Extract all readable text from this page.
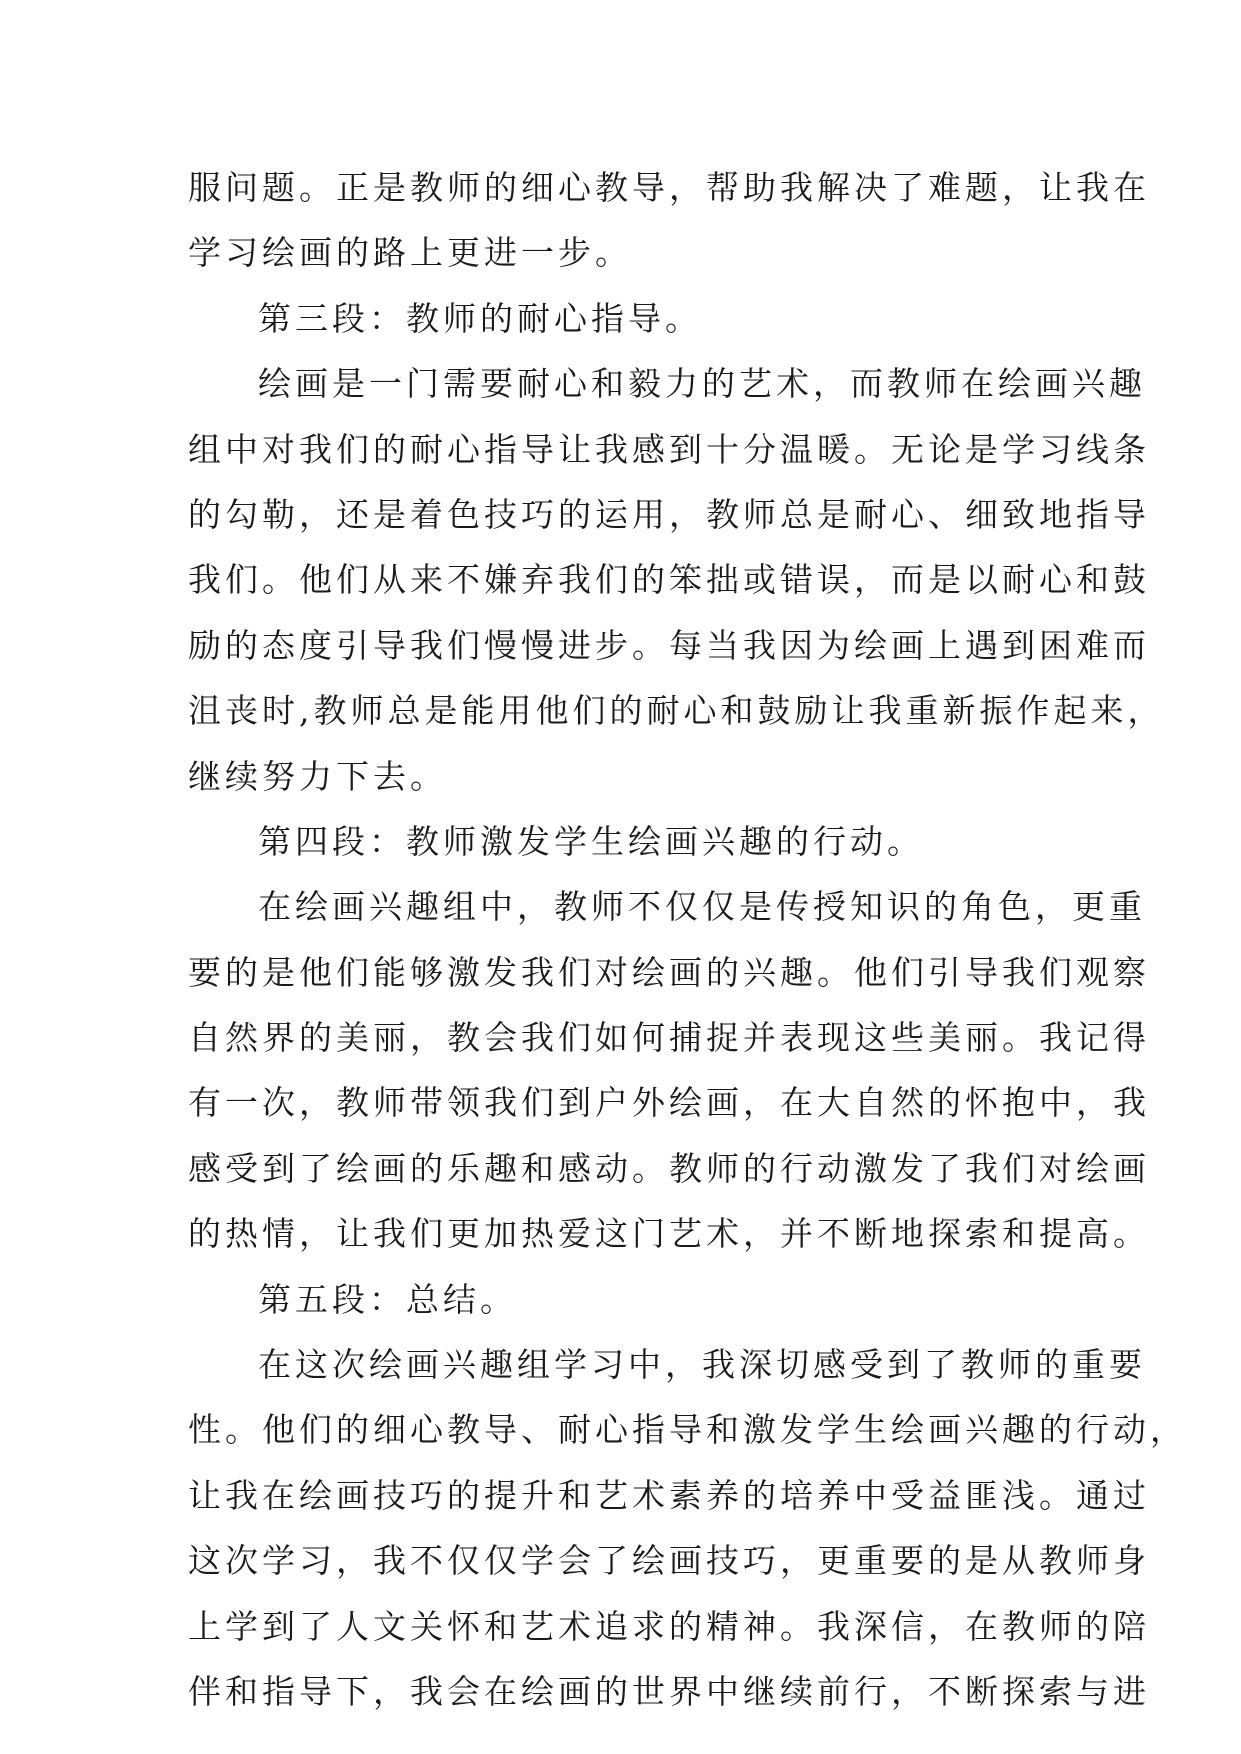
服问题。正是教师的细心教导，帮助我解决了难题，让我在
学习绘画的路上更进一步。
第三段：教师的耐心指导。
绘画是一门需要耐心和毅力的艺术，而教师在绘画兴趣
组中对我们的耐心指导让我感到十分温暖。无论是学习线条
的勾勒，还是着色技巧的运用，教师总是耐心、细致地指导
我们。他们从来不嫌弃我们的笨拙或错误，而是以耐心和鼓
励的态度引导我们慢慢进步。每当我因为绘画上遇到困难而
沮丧时,教师总是能用他们的耐心和鼓励让我重新振作起来，
继续努力下去。
第四段：教师激发学生绘画兴趣的行动。
在绘画兴趣组中，教师不仅仅是传授知识的角色，更重
要的是他们能够激发我们对绘画的兴趣。他们引导我们观察
自然界的美丽，教会我们如何捕捉并表现这些美丽。我记得
有一次，教师带领我们到户外绘画，在大自然的怀抱中，我
感受到了绘画的乐趣和感动。教师的行动激发了我们对绘画
的热情，让我们更加热爱这门艺术，并不断地探索和提高。
第五段：总结。
在这次绘画兴趣组学习中，我深切感受到了教师的重要
性。他们的细心教导、耐心指导和激发学生绘画兴趣的行动，
让我在绘画技巧的提升和艺术素养的培养中受益匪浅。通过
这次学习，我不仅仅学会了绘画技巧，更重要的是从教师身
上学到了人文关怀和艺术追求的精神。我深信，在教师的陪
伴和指导下，我会在绘画的世界中继续前行，不断探索与进
